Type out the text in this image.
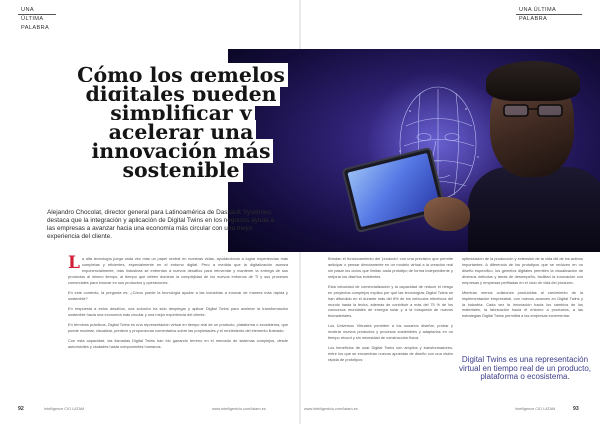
UNA ÚLTIMA PALABRA
UNA ÚLTIMA PALABRA
Cómo los gemelos digitales pueden simplificar y acelerar una innovación más sostenible

Alejandro Chocolat, director general para Latinoamérica de Dassault Systèmes, destaca que la integración y aplicación de Digital Twins en los negocios ayuda a las empresas a avanzar hacia una economía más circular con una mejor experiencia del cliente.

La alta tecnología juega cada vez más un papel central en nuestras vidas, ayudándonos a lograr experiencias más completas y eficientes, especialmente en el entorno digital. Pero a medida que la digitalización avanza exponencialmente, más industrias se enfrentan a nuevos desafíos para reinventar y mantener la entrega de sus productos al mismo tiempo, al tiempo que deben dominar la complejidad de los nuevos entornos de TI y sus procesos comerciales para innovar en sus productos y operaciones.

En este contexto, la pregunta es: ¿Cómo puede la tecnología ayudar a las industrias a innovar de manera más rápida y sostenible?

En respuesta a estos desafíos, una solución ha sido desplegar y aplicar Digital Twins para acelerar la transformación sostenible hacia una economía más circular y una mejor experiencia del cliente.

En términos prácticos, Digital Twins es una representación virtual en tiempo real de un producto, plataforma o ecosistema, que puede modelar, visualizar, predecir y proporcionar comentarios sobre las propiedades y el rendimiento del elemento ilustrado.

Con esta capacidad, las llamadas Digital Twins han ido ganando terreno en el mercado de sistemas complejos, desde automóviles y ciudades hasta componentes humanos.

Brindan el funcionamiento del 'producto' con una precisión que permite anticipar o pensar directamente en un modelo virtual a la creación real sin pasar los ciclos que limitan cada prototipo de forma independiente y mejorar los diseños existentes.

Esta velocidad de comercialización y la capacidad de reducir el riesgo en proyectos complejos explica por qué las tecnologías Digital Twins se han difundido en el durante más del 8% de los vehículos eléctricos del mundo hasta la fecha, además de contribuir a más del 75 % de los concursos mundiales de energía solar y a la búsqueda de nuevos biomateriales.

Los Universos Virtuales permiten a los usuarios diseñar, probar y mostrar nuevos productos y procesos sostenibles y adaptarlos en un tiempo récord y sin necesidad de construcción física.

Los beneficios de usar Digital Twins son amplios y transformadores, entre los que se encuentran nuevos apuestas de diseño con una visión rápida de prototipos

optimización de la producción y extensión de la vida útil de los activos importantes. A diferencia de los prototipos que se reducen en un diseño específico, los gemelos digitales permiten la visualización de diversos métodos y áreas de desempeño, facilitan la innovación con empresas y empresas perfiladas en el ciclo de vida del producto.

Mientras menos colisiones producidas al crecimiento de la implementación empresarial, con nuevos avances en Digital Twins y la industria. Cada vez la Innovación hacia los cambios de los materiales, la fabricación hacia el entorno a productos, a las estrategias Digital Twins permitirá a las empresas incrementar.

Digital Twins es una representación virtual en tiempo real de un producto, plataforma o ecosistema.

92	Intelligence CIO LATAM	www.intelligentcio.com/latam-es	www.intelligentcio.com/latam-es	Intelligence CIO LATAM	93
